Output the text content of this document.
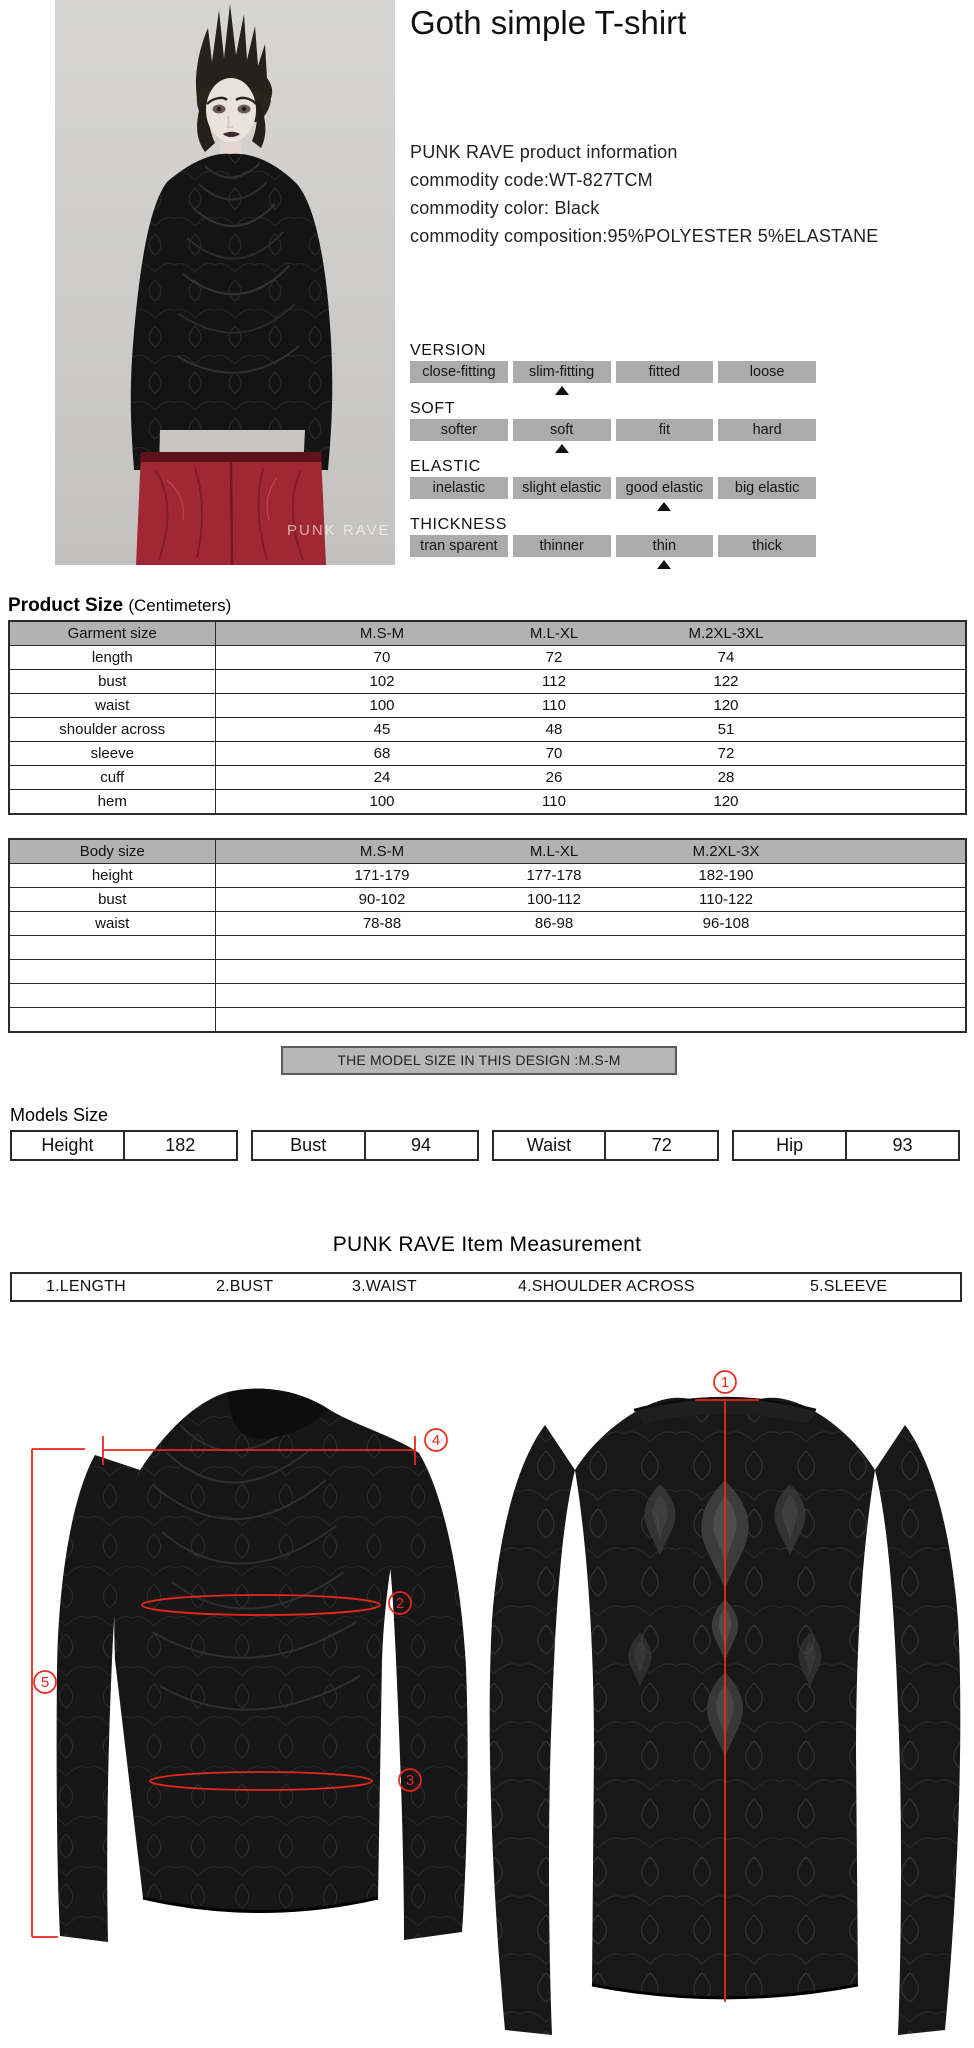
PUNK RAVE
Goth simple T-shirt
PUNK RAVE product information
commodity code:WT-827TCM
commodity color: Black
commodity composition:95%POLYESTER 5%ELASTANE
VERSION
close-fitting	slim-fitting	fitted	loose
SOFT
softer	soft	fit	hard
ELASTIC
inelastic	slight elastic	good elastic	big elastic
THICKNESS
tran sparent	thinner	thin	thick
Product Size (Centimeters)
Garment size		M.S-M	M.L-XL	M.2XL-3XL	
length		70	72	74	
bust		102	112	122	
waist		100	110	120	
shoulder across		45	48	51	
sleeve		68	70	72	
cuff		24	26	28	
hem		100	110	120	
Body size		M.S-M	M.L-XL	M.2XL-3X	
height		171-179	177-178	182-190	
bust		90-102	100-112	110-122	
waist		78-88	86-98	96-108	

THE MODEL SIZE IN THIS DESIGN :M.S-M
Models Size
Height	182	Bust	94	Waist	72	Hip	93
PUNK RAVE Item Measurement
1.LENGTH	2.BUST	3.WAIST	4.SHOULDER ACROSS	5.SLEEVE
1
2
3
4
5
